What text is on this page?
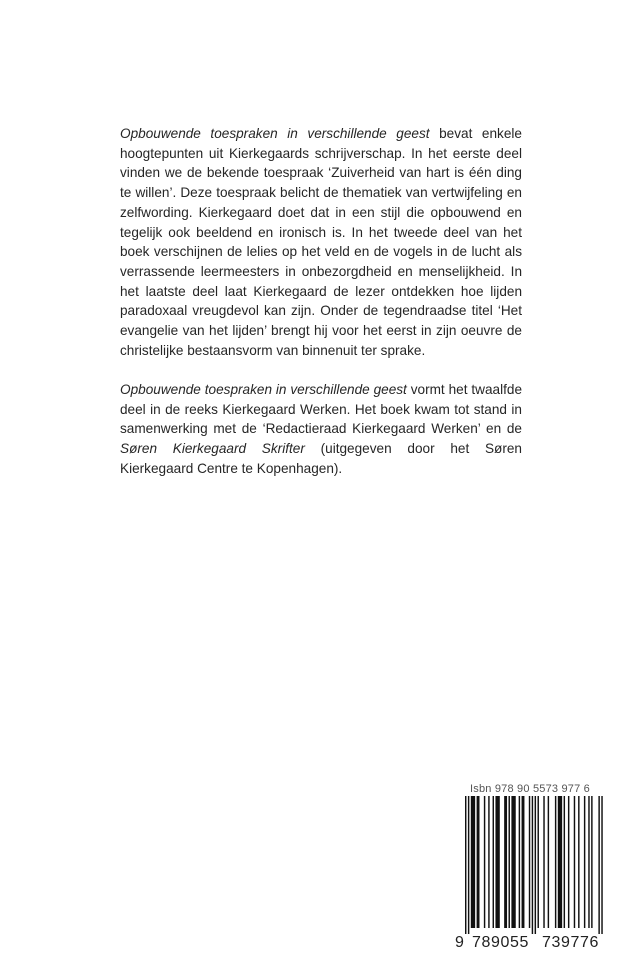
Opbouwende toespraken in verschillende geest bevat enkele hoogtepunten uit Kierkegaards schrijverschap. In het eerste deel vinden we de bekende toespraak ‘Zuiverheid van hart is één ding te willen’. Deze toespraak belicht de thematiek van vertwijfeling en zelfwording. Kierkegaard doet dat in een stijl die opbouwend en tegelijk ook beeldend en ironisch is. In het tweede deel van het boek verschijnen de lelies op het veld en de vogels in de lucht als verrassende leermeesters in onbezorgdheid en menselijkheid. In het laatste deel laat Kierkegaard de lezer ontdekken hoe lijden paradoxaal vreugdevol kan zijn. Onder de tegendraadse titel ‘Het evangelie van het lijden’ brengt hij voor het eerst in zijn oeuvre de christelijke bestaansvorm van binnenuit ter sprake.

Opbouwende toespraken in verschillende geest vormt het twaalfde deel in de reeks Kierkegaard Werken. Het boek kwam tot stand in samenwerking met de ‘Redactieraad Kierkegaard Werken’ en de Søren Kierkegaard Skrifter (uitgegeven door het Søren Kierkegaard Centre te Kopenhagen).

Isbn 978 90 5573 977 6
9 789055 739776
